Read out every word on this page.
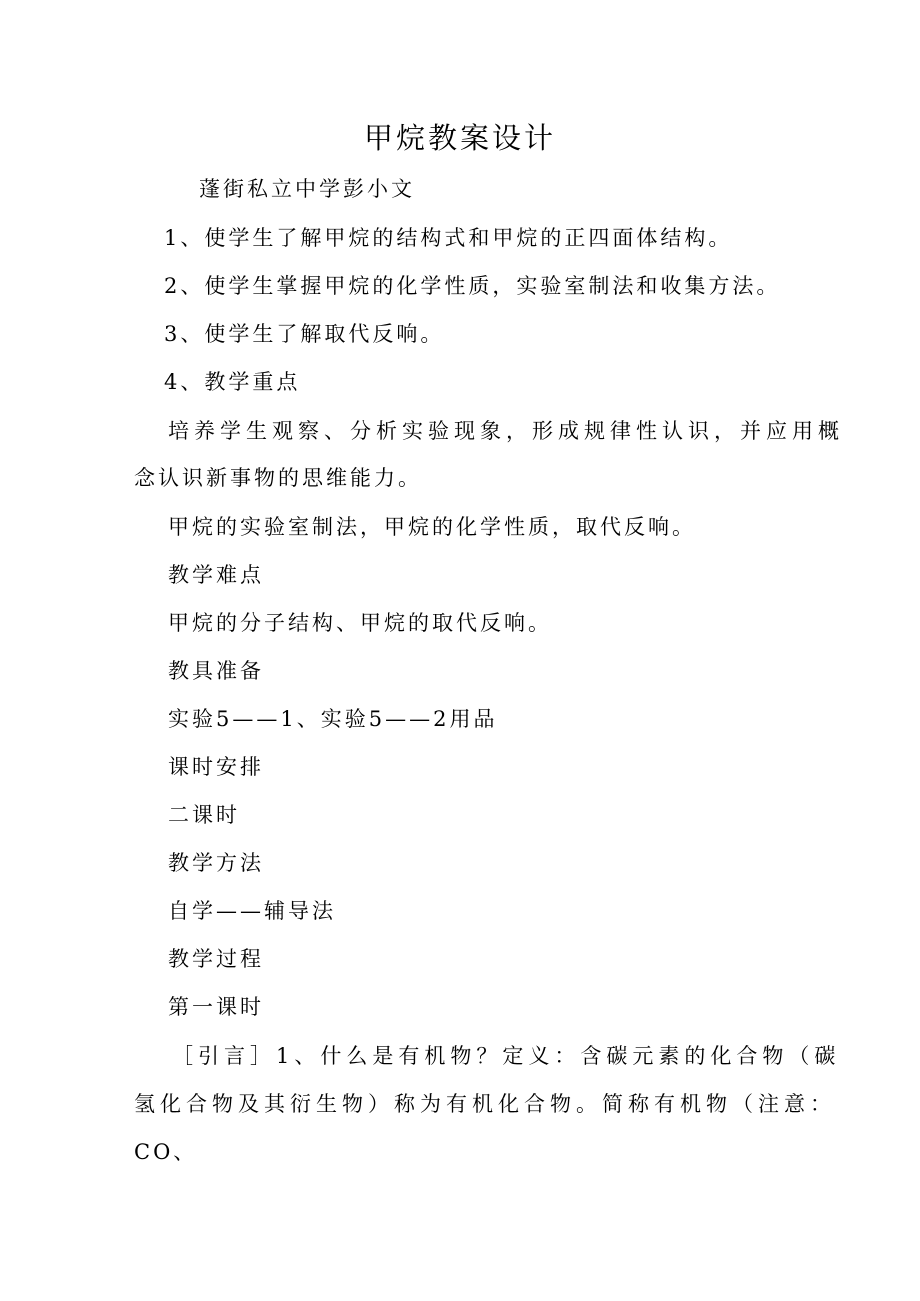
甲烷教案设计
蓬街私立中学彭小文
1、使学生了解甲烷的结构式和甲烷的正四面体结构。
2、使学生掌握甲烷的化学性质，实验室制法和收集方法。
3、使学生了解取代反响。
4、教学重点
培养学生观察、分析实验现象，形成规律性认识，并应用概
念认识新事物的思维能力。
甲烷的实验室制法，甲烷的化学性质，取代反响。
教学难点
甲烷的分子结构、甲烷的取代反响。
教具准备
实验5——1、实验5——2用品
课时安排
二课时
教学方法
自学——辅导法
教学过程
第一课时
［引言］1、什么是有机物？定义：含碳元素的化合物（碳
氢化合物及其衍生物）称为有机化合物。简称有机物（注意：
CO、
